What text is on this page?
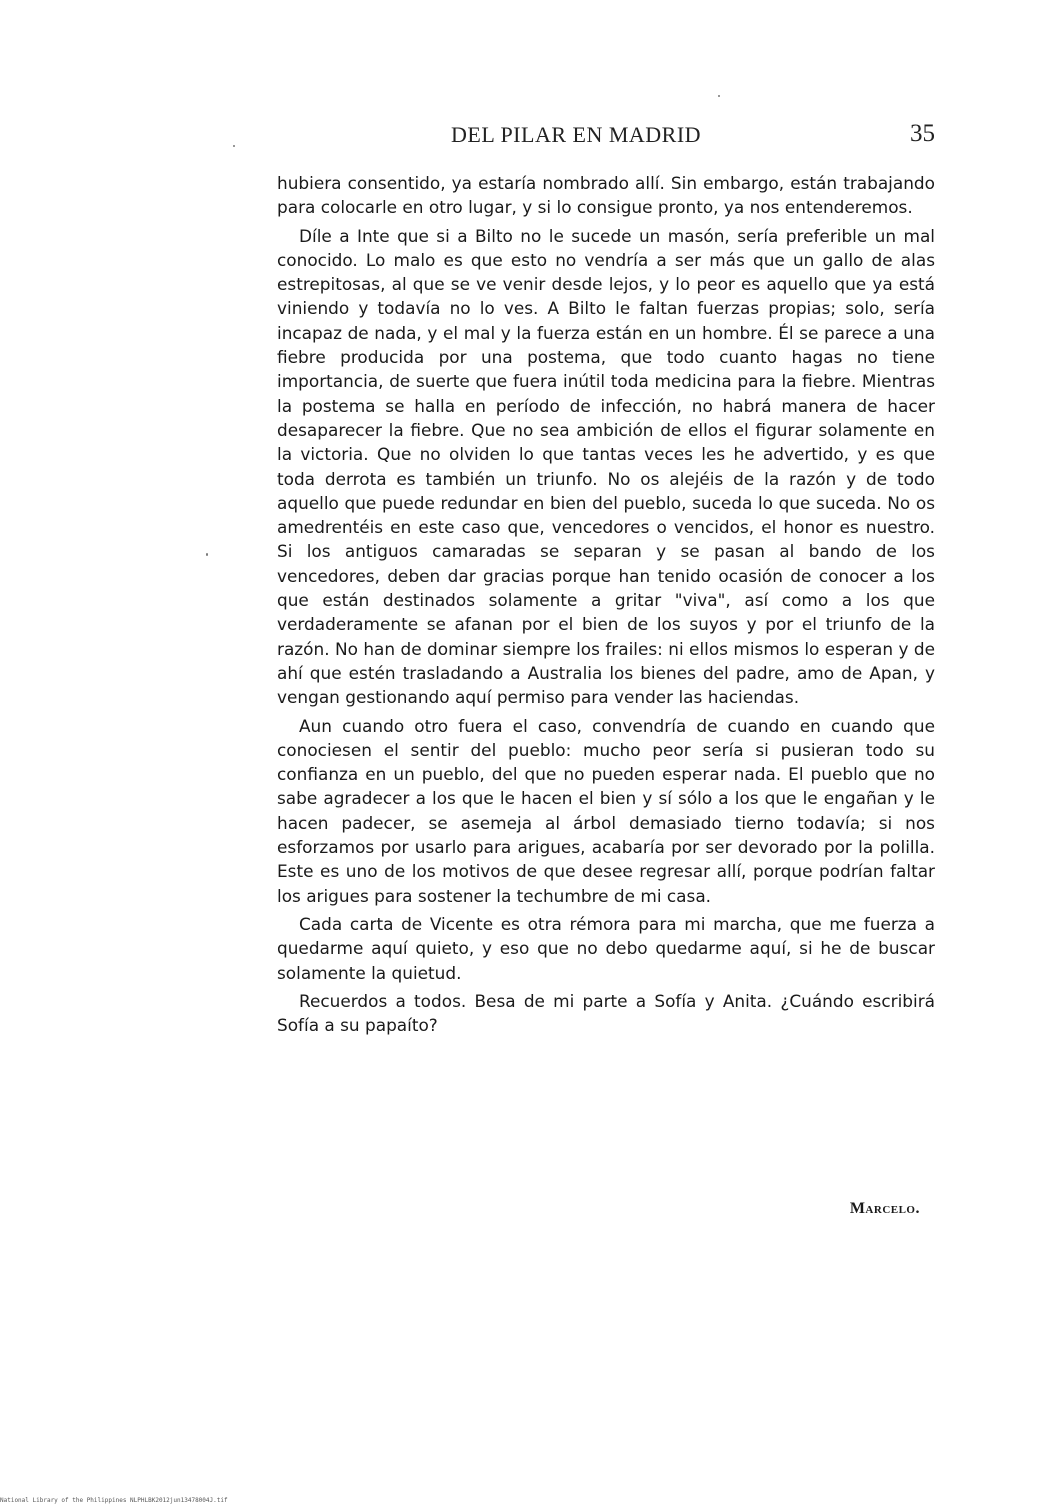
DEL PILAR EN MADRID	35

hubiera consentido, ya estaría nombrado allí. Sin embargo, están trabajando para colocarle en otro lugar, y si lo consigue pronto, ya nos entenderemos.

Díle a Inte que si a Bilto no le sucede un masón, sería preferible un mal conocido. Lo malo es que esto no vendría a ser más que un gallo de alas estrepitosas, al que se ve venir desde lejos, y lo peor es aquello que ya está viniendo y todavía no lo ves. A Bilto le faltan fuerzas propias; solo, sería incapaz de nada, y el mal y la fuerza están en un hombre. Él se parece a una fiebre producida por una postema, que todo cuanto hagas no tiene importancia, de suerte que fuera inútil toda medicina para la fiebre. Mientras la postema se halla en período de infección, no habrá manera de hacer desaparecer la fiebre. Que no sea ambición de ellos el figurar solamente en la victoria. Que no olviden lo que tantas veces les he advertido, y es que toda derrota es también un triunfo. No os alejéis de la razón y de todo aquello que puede redundar en bien del pueblo, suceda lo que suceda. No os amedrentéis en este caso que, vencedores o vencidos, el honor es nuestro. Si los antiguos camaradas se separan y se pasan al bando de los vencedores, deben dar gracias porque han tenido ocasión de conocer a los que están destinados solamente a gritar "viva", así como a los que verdaderamente se afanan por el bien de los suyos y por el triunfo de la razón. No han de dominar siempre los frailes: ni ellos mismos lo esperan y de ahí que estén trasladando a Australia los bienes del padre, amo de Apan, y vengan gestionando aquí permiso para vender las haciendas.

Aun cuando otro fuera el caso, convendría de cuando en cuando que conociesen el sentir del pueblo: mucho peor sería si pusieran todo su confianza en un pueblo, del que no pueden esperar nada. El pueblo que no sabe agradecer a los que le hacen el bien y sí sólo a los que le engañan y le hacen padecer, se asemeja al árbol demasiado tierno todavía; si nos esforzamos por usarlo para arigues, acabaría por ser devorado por la polilla. Este es uno de los motivos de que desee regresar allí, porque podrían faltar los arigues para sostener la techumbre de mi casa.

Cada carta de Vicente es otra rémora para mi marcha, que me fuerza a quedarme aquí quieto, y eso que no debo quedarme aquí, si he de buscar solamente la quietud.

Recuerdos a todos. Besa de mi parte a Sofía y Anita. ¿Cuándo escribirá Sofía a su papaíto?

Marcelo.
National Library of the Philippines NLPHLBK2012jun13478004J.tif
